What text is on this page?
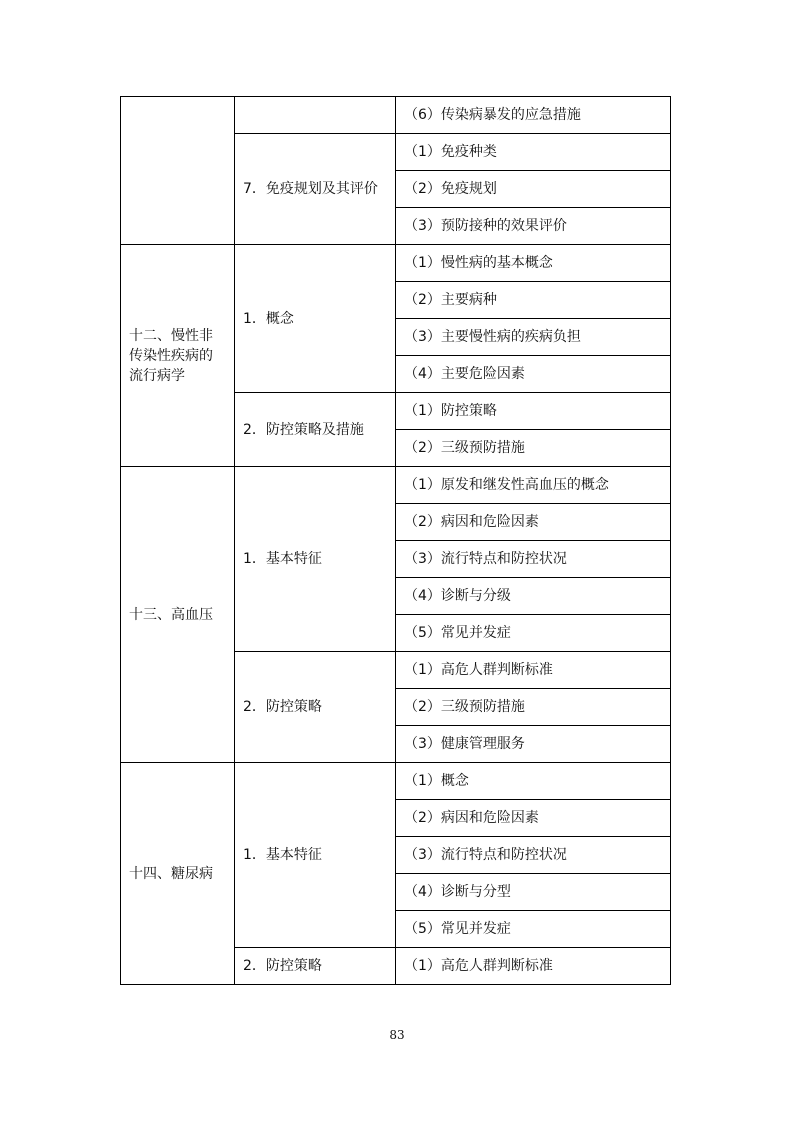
		（6）传染病暴发的应急措施
	7．免疫规划及其评价	（1）免疫种类
		（2）免疫规划
		（3）预防接种的效果评价
十二、慢性非传染性疾病的流行病学	1．概念	（1）慢性病的基本概念
		（2）主要病种
		（3）主要慢性病的疾病负担
		（4）主要危险因素
	2．防控策略及措施	（1）防控策略
		（2）三级预防措施
十三、高血压	1．基本特征	（1）原发和继发性高血压的概念
		（2）病因和危险因素
		（3）流行特点和防控状况
		（4）诊断与分级
		（5）常见并发症
	2．防控策略	（1）高危人群判断标准
		（2）三级预防措施
		（3）健康管理服务
十四、糖尿病	1．基本特征	（1）概念
		（2）病因和危险因素
		（3）流行特点和防控状况
		（4）诊断与分型
		（5）常见并发症
	2．防控策略	（1）高危人群判断标准
83
